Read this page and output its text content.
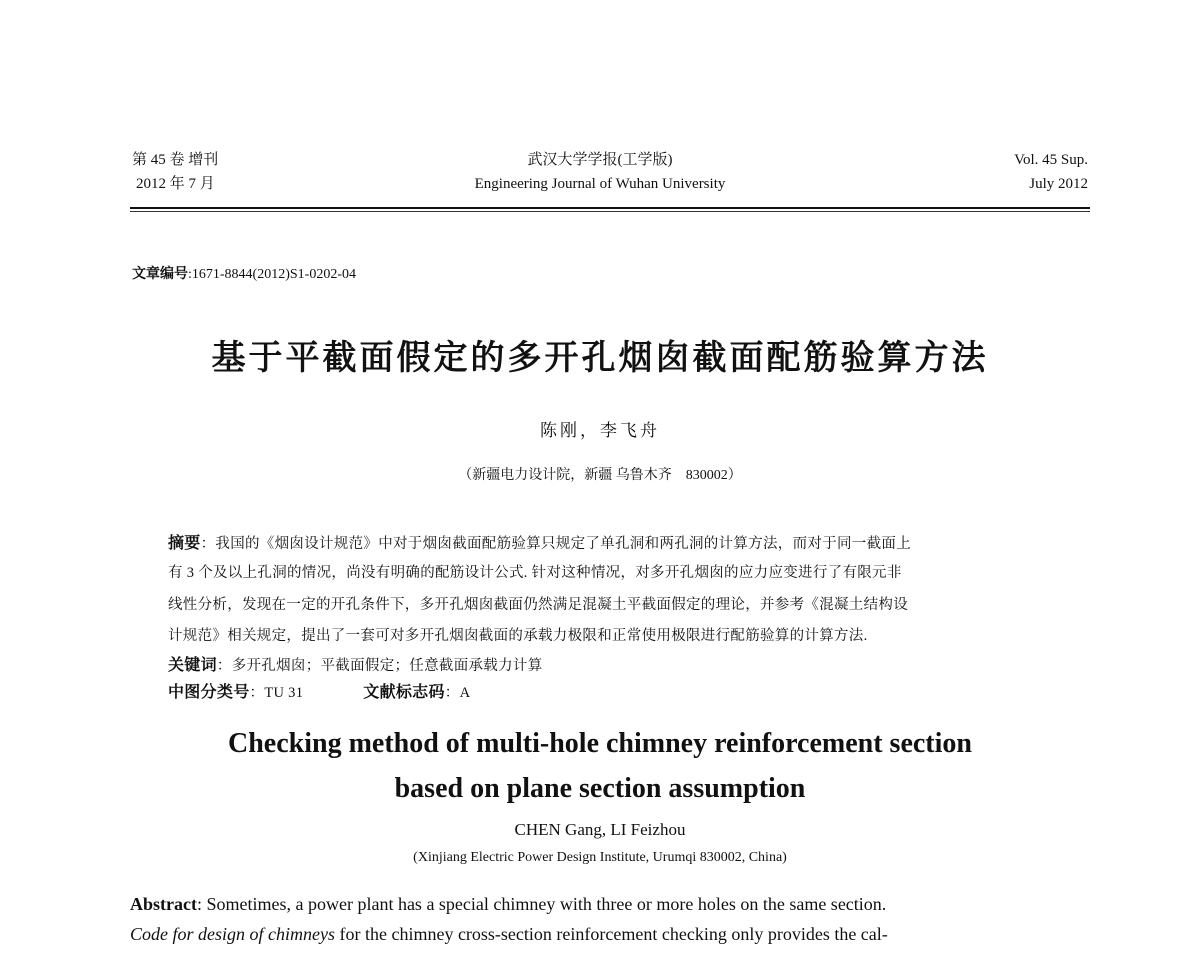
第 45 卷 增刊
2012 年 7 月
武汉大学学报(工学版)
Engineering Journal of Wuhan University
Vol. 45 Sup.
July 2012
文章编号:1671-8844(2012)S1-0202-04
基于平截面假定的多开孔烟囱截面配筋验算方法
陈刚，李飞舟
（新疆电力设计院，新疆 乌鲁木齐　830002）
摘要：我国的《烟囱设计规范》中对于烟囱截面配筋验算只规定了单孔洞和两孔洞的计算方法，而对于同一截面上
有 3 个及以上孔洞的情况，尚没有明确的配筋设计公式. 针对这种情况，对多开孔烟囱的应力应变进行了有限元非
线性分析，发现在一定的开孔条件下，多开孔烟囱截面仍然满足混凝土平截面假定的理论，并参考《混凝土结构设
计规范》相关规定，提出了一套可对多开孔烟囱截面的承载力极限和正常使用极限进行配筋验算的计算方法.
关键词：多开孔烟囱；平截面假定；任意截面承载力计算
中图分类号：TU 31	文献标志码：A
Checking method of multi-hole chimney reinforcement section
based on plane section assumption
CHEN Gang, LI Feizhou
(Xinjiang Electric Power Design Institute, Urumqi 830002, China)
Abstract: Sometimes, a power plant has a special chimney with three or more holes on the same section.
Code for design of chimneys for the chimney cross-section reinforcement checking only provides the cal-
